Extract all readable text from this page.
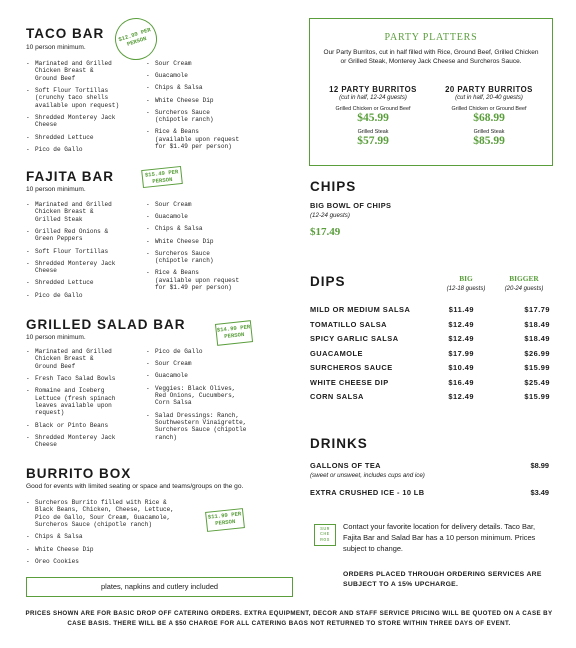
TACO BAR
10 person minimum.
$12.99 PER PERSON
- Marinated and Grilled
Chicken Breast &
Ground Beef
- Soft Flour Tortillas
(crunchy taco shells
available upon request)
- Shredded Monterey Jack
Cheese
- Shredded Lettuce
- Pico de Gallo
- Sour Cream
- Guacamole
- Chips & Salsa
- White Cheese Dip
- Surcheros Sauce
(chipotle ranch)
- Rice & Beans
(available upon request
for $1.49 per person)
FAJITA BAR
10 person minimum.
$15.49 PER PERSON
- Marinated and Grilled
Chicken Breast &
Grilled Steak
- Grilled Red Onions &
Green Peppers
- Soft Flour Tortillas
- Shredded Monterey Jack
Cheese
- Shredded Lettuce
- Pico de Gallo
- Sour Cream
- Guacamole
- Chips & Salsa
- White Cheese Dip
- Surcheros Sauce
(chipotle ranch)
- Rice & Beans
(available upon request
for $1.49 per person)
GRILLED SALAD BAR
10 person minimum.
$14.99 PER PERSON
- Marinated and Grilled
Chicken Breast &
Ground Beef
- Fresh Taco Salad Bowls
- Romaine and Iceberg
Lettuce (fresh spinach
leaves available upon
request)
- Black or Pinto Beans
- Shredded Monterey Jack
Cheese
- Pico de Gallo
- Sour Cream
- Guacamole
- Veggies: Black Olives,
Red Onions, Cucumbers,
Corn Salsa
- Salad Dressings: Ranch,
Southwestern Vinaigrette,
Surcheros Sauce (chipotle
ranch)
BURRITO BOX
Good for events with limited seating or space and teams/groups on the go.
$11.99 PER PERSON
- Surcheros Burrito filled with Rice &
Black Beans, Chicken, Cheese, Lettuce,
Pico de Gallo, Sour Cream, Guacamole,
Surcheros Sauce (chipotle ranch)
- Chips & Salsa
- White Cheese Dip
- Oreo Cookies
plates, napkins and cutlery included
PARTY PLATTERS
Our Party Burritos, cut in half filled with Rice, Ground Beef, Grilled Chicken or Grilled Steak, Monterey Jack Cheese and Surcheros Sauce.
12 PARTY BURRITOS
(cut in half, 12-24 guests)
Grilled Chicken or Ground Beef
$45.99
Grilled Steak
$57.99
20 PARTY BURRITOS
(cut in half, 20-40 guests)
Grilled Chicken or Ground Beef
$68.99
Grilled Steak
$85.99
CHIPS
BIG BOWL OF CHIPS
(12-24 guests)
$17.49
DIPS	BIG
(12-18 guests)
BIGGER
(20-24 guests)
MILD OR MEDIUM SALSA	$11.49	$17.79
TOMATILLO SALSA	$12.49	$18.49
SPICY GARLIC SALSA	$12.49	$18.49
GUACAMOLE	$17.99	$26.99
SURCHEROS SAUCE	$10.49	$15.99
WHITE CHEESE DIP	$16.49	$25.49
CORN SALSA	$12.49	$15.99
DRINKS
GALLONS OF TEA
(sweet or unsweet, includes cups and ice)
$8.99
EXTRA CRUSHED ICE - 10 LB	$3.49
SUR CHE ROS
Contact your favorite location for delivery details. Taco Bar, Fajita Bar and Salad Bar has a 10 person minimum. Prices subject to change.
ORDERS PLACED THROUGH ORDERING SERVICES ARE SUBJECT TO A 15% UPCHARGE.
PRICES SHOWN ARE FOR BASIC DROP OFF CATERING ORDERS. EXTRA EQUIPMENT, DECOR AND STAFF SERVICE PRICING WILL BE QUOTED ON A CASE BY CASE BASIS. THERE WILL BE A $50 CHARGE FOR ALL CATERING BAGS NOT RETURNED TO STORE WITHIN THREE DAYS OF EVENT.
